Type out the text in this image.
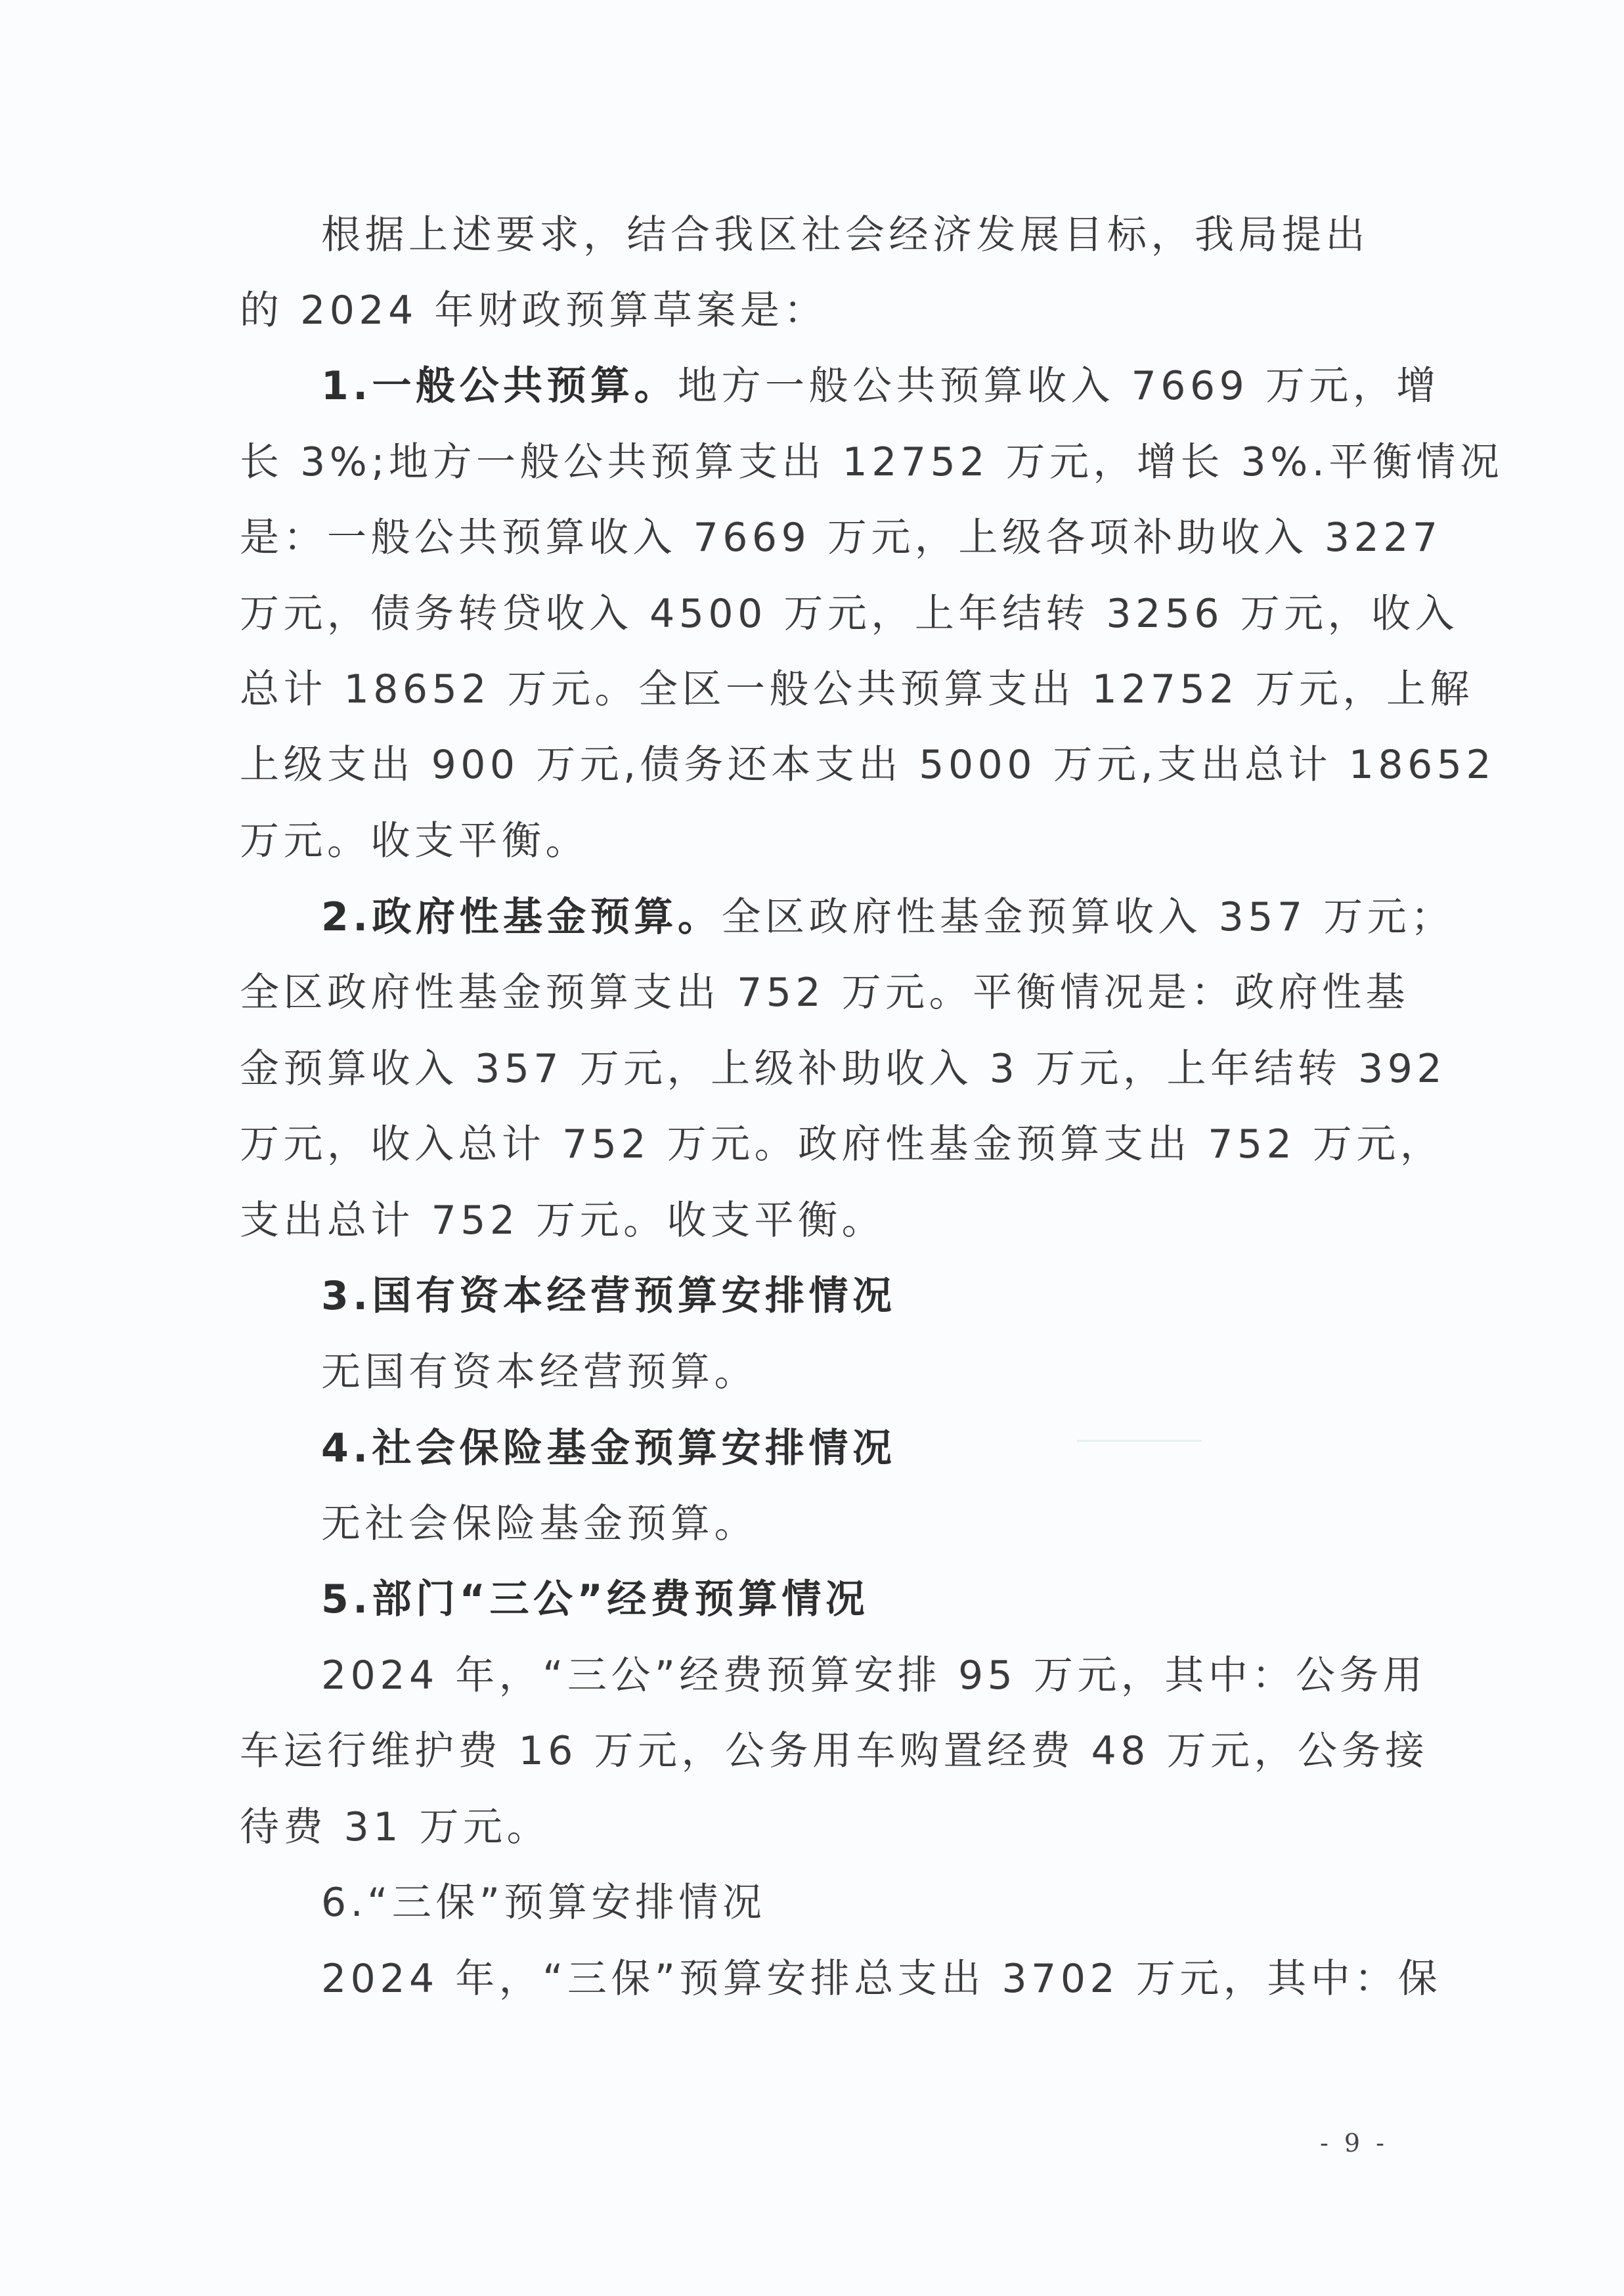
根据上述要求，结合我区社会经济发展目标，我局提出
的 2024 年财政预算草案是：
1.一般公共预算。地方一般公共预算收入 7669 万元，增
长 3%;地方一般公共预算支出 12752 万元，增长 3%.平衡情况
是：一般公共预算收入 7669 万元，上级各项补助收入 3227
万元，债务转贷收入 4500 万元，上年结转 3256 万元，收入
总计 18652 万元。全区一般公共预算支出 12752 万元，上解
上级支出 900 万元,债务还本支出 5000 万元,支出总计 18652
万元。收支平衡。
2.政府性基金预算。全区政府性基金预算收入 357 万元；
全区政府性基金预算支出 752 万元。平衡情况是：政府性基
金预算收入 357 万元，上级补助收入 3 万元，上年结转 392
万元，收入总计 752 万元。政府性基金预算支出 752 万元，
支出总计 752 万元。收支平衡。
3.国有资本经营预算安排情况
无国有资本经营预算。
4.社会保险基金预算安排情况
无社会保险基金预算。
5.部门“三公”经费预算情况
2024 年，“三公”经费预算安排 95 万元，其中：公务用
车运行维护费 16 万元，公务用车购置经费 48 万元，公务接
待费 31 万元。
6.“三保”预算安排情况
2024 年，“三保”预算安排总支出 3702 万元，其中：保
- 9 -
